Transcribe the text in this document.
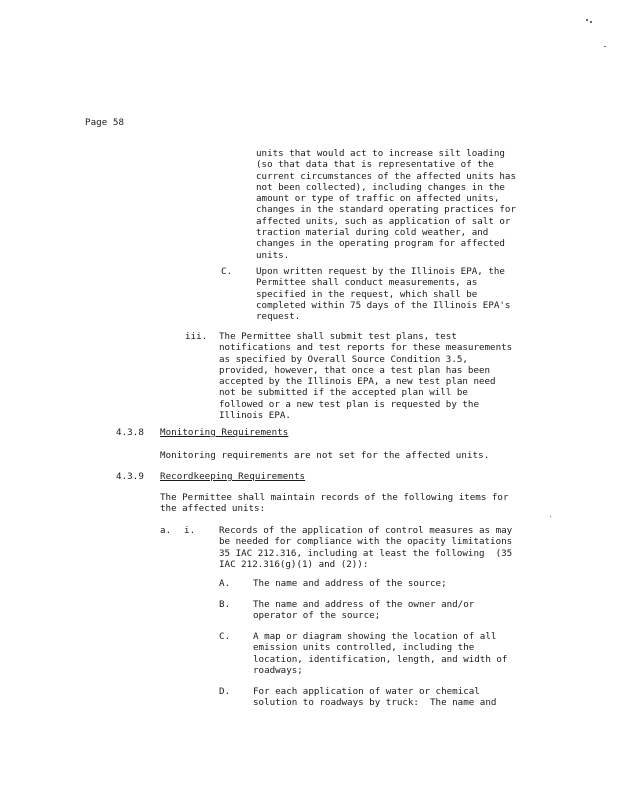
Page 58
units that would act to increase silt loading
(so that data that is representative of the
current circumstances of the affected units has
not been collected), including changes in the
amount or type of traffic on affected units,
changes in the standard operating practices for
affected units, such as application of salt or
traction material during cold weather, and
changes in the operating program for affected
units.
C.	Upon written request by the Illinois EPA, the
Permittee shall conduct measurements, as
specified in the request, which shall be
completed within 75 days of the Illinois EPA's
request.
iii. The Permittee shall submit test plans, test
notifications and test reports for these measurements
as specified by Overall Source Condition 3.5,
provided, however, that once a test plan has been
accepted by the Illinois EPA, a new test plan need
not be submitted if the accepted plan will be
followed or a new test plan is requested by the
Illinois EPA.
4.3.8 Monitoring Requirements
Monitoring requirements are not set for the affected units.
4.3.9 Recordkeeping Requirements
The Permittee shall maintain records of the following items for
the affected units:
a. i.	Records of the application of control measures as may
be needed for compliance with the opacity limitations
35 IAC 212.316, including at least the following  (35
IAC 212.316(g)(1) and (2)):
A. The name and address of the source;
B. The name and address of the owner and/or
operator of the source;
C. A map or diagram showing the location of all
emission units controlled, including the
location, identification, length, and width of
roadways;
D. For each application of water or chemical
solution to roadways by truck:  The name and
